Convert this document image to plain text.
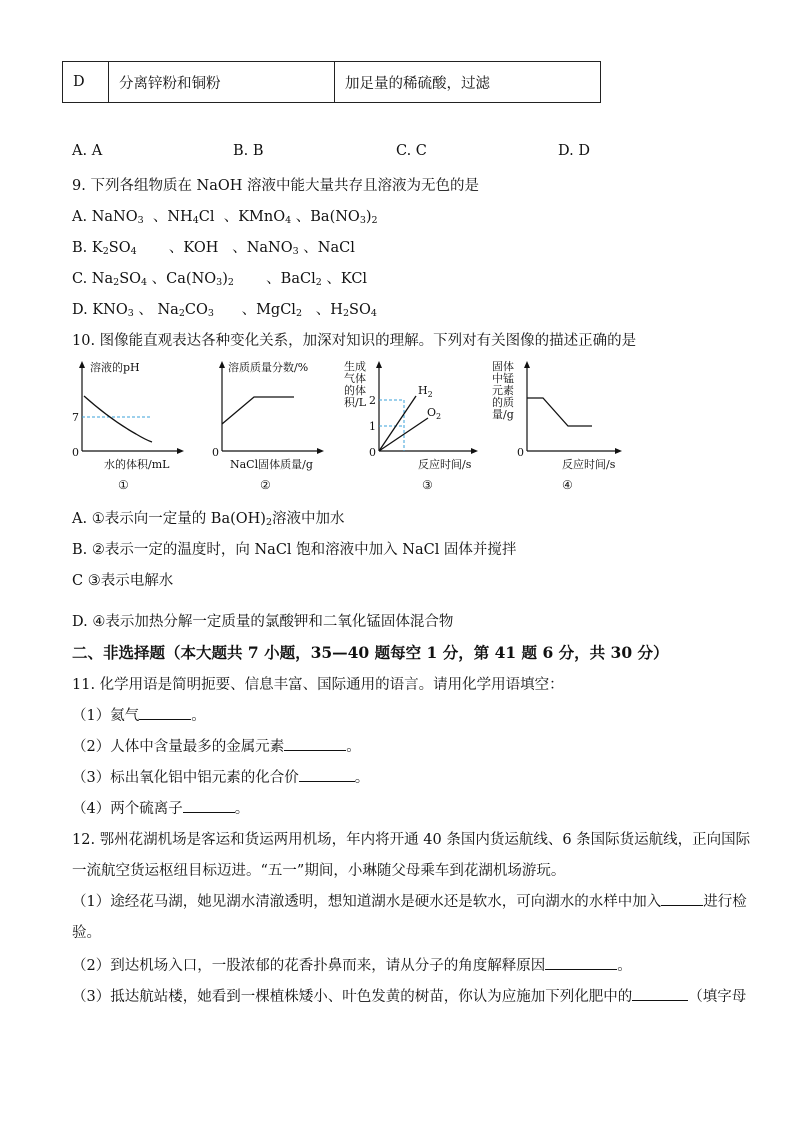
D	分离锌粉和铜粉	加足量的稀硫酸，过滤
A. A	B. B	C. C	D. D
9. 下列各组物质在 NaOH 溶液中能大量共存且溶液为无色的是
A. NaNO$_3$  、$NH_4Cl$  、KMnO$_4$ 、$Ba(NO_3)_2$
B. $K_2SO_4$       、KOH   、NaNO$_3$ 、NaCl
C. $Na_2SO_4$ 、$Ca(NO_3)_2$       、BaCl$_2$ 、KCl
D. $KNO_3$ 、 $Na_2CO_3$      、MgCl$_2$   、$H_2SO_4$
10. 图像能直观表达各种变化关系，加深对知识的理解。下列对有关图像的描述正确的是
溶液的pH
7
0
水的体积/mL
①
溶质质量分数/%
0
NaCl固体质量/g
②
生成气体的体积/L
$H_2$
$O_2$
2
1
0
反应时间/s
③
固体中锰元素的质量/g
0
反应时间/s
④
A. ①表示向一定量的 $Ba(OH)_2$溶液中加水
B. ②表示一定的温度时，向 NaCl 饱和溶液中加入 NaCl 固体并搅拌
C ③表示电解水
D. ④表示加热分解一定质量的氯酸钾和二氧化锰固体混合物
二、非选择题（本大题共 7 小题，35—40 题每空 1 分，第 41 题 6 分，共 30 分）
11. 化学用语是简明扼要、信息丰富、国际通用的语言。请用化学用语填空：
（1）氦气	。
（2）人体中含量最多的金属元素	。
（3）标出氧化铝中铝元素的化合价	。
（4）两个硫离子	。
12. 鄂州花湖机场是客运和货运两用机场，年内将开通 40 条国内货运航线、6 条国际货运航线，正向国际
一流航空货运枢纽目标迈进。“五一”期间，小琳随父母乘车到花湖机场游玩。
（1）途经花马湖，她见湖水清澈透明，想知道湖水是硬水还是软水，可向湖水的水样中加入	进行检
验。
（2）到达机场入口，一股浓郁的花香扑鼻而来，请从分子的角度解释原因	。
（3）抵达航站楼，她看到一棵植株矮小、叶色发黄的树苗，你认为应施加下列化肥中的	（填字母
